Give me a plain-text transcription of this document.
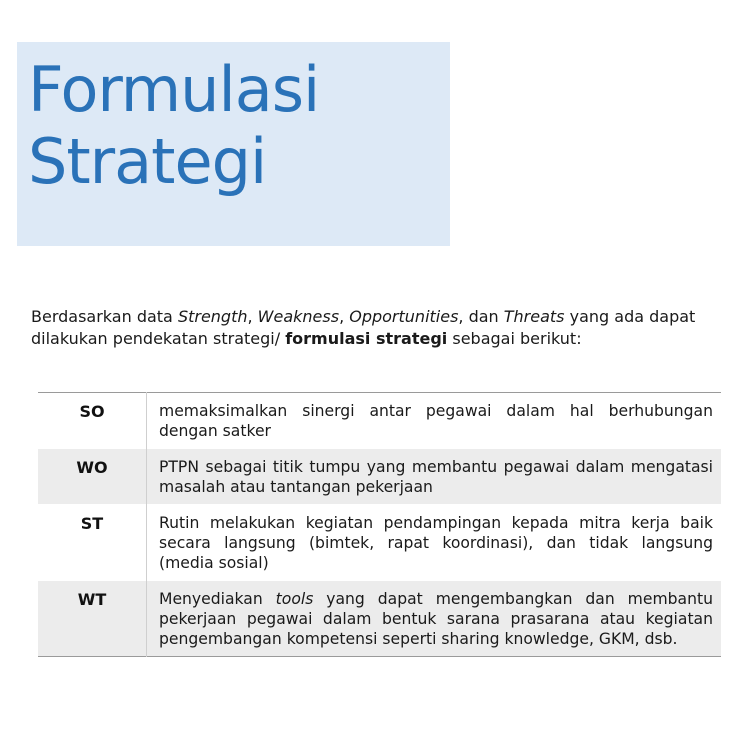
Formulasi
Strategi

Berdasarkan data Strength, Weakness, Opportunities, dan Threats yang ada dapat dilakukan pendekatan strategi/ formulasi strategi sebagai berikut:

SO	memaksimalkan sinergi antar pegawai dalam hal berhubungan dengan satker
WO	PTPN sebagai titik tumpu yang membantu pegawai dalam mengatasi masalah atau tantangan pekerjaan
ST	Rutin melakukan kegiatan pendampingan kepada mitra kerja baik secara langsung (bimtek, rapat koordinasi), dan tidak langsung (media sosial)
WT	Menyediakan tools yang dapat mengembangkan dan membantu pekerjaan pegawai dalam bentuk sarana prasarana atau kegiatan pengembangan kompetensi seperti sharing knowledge, GKM, dsb.
